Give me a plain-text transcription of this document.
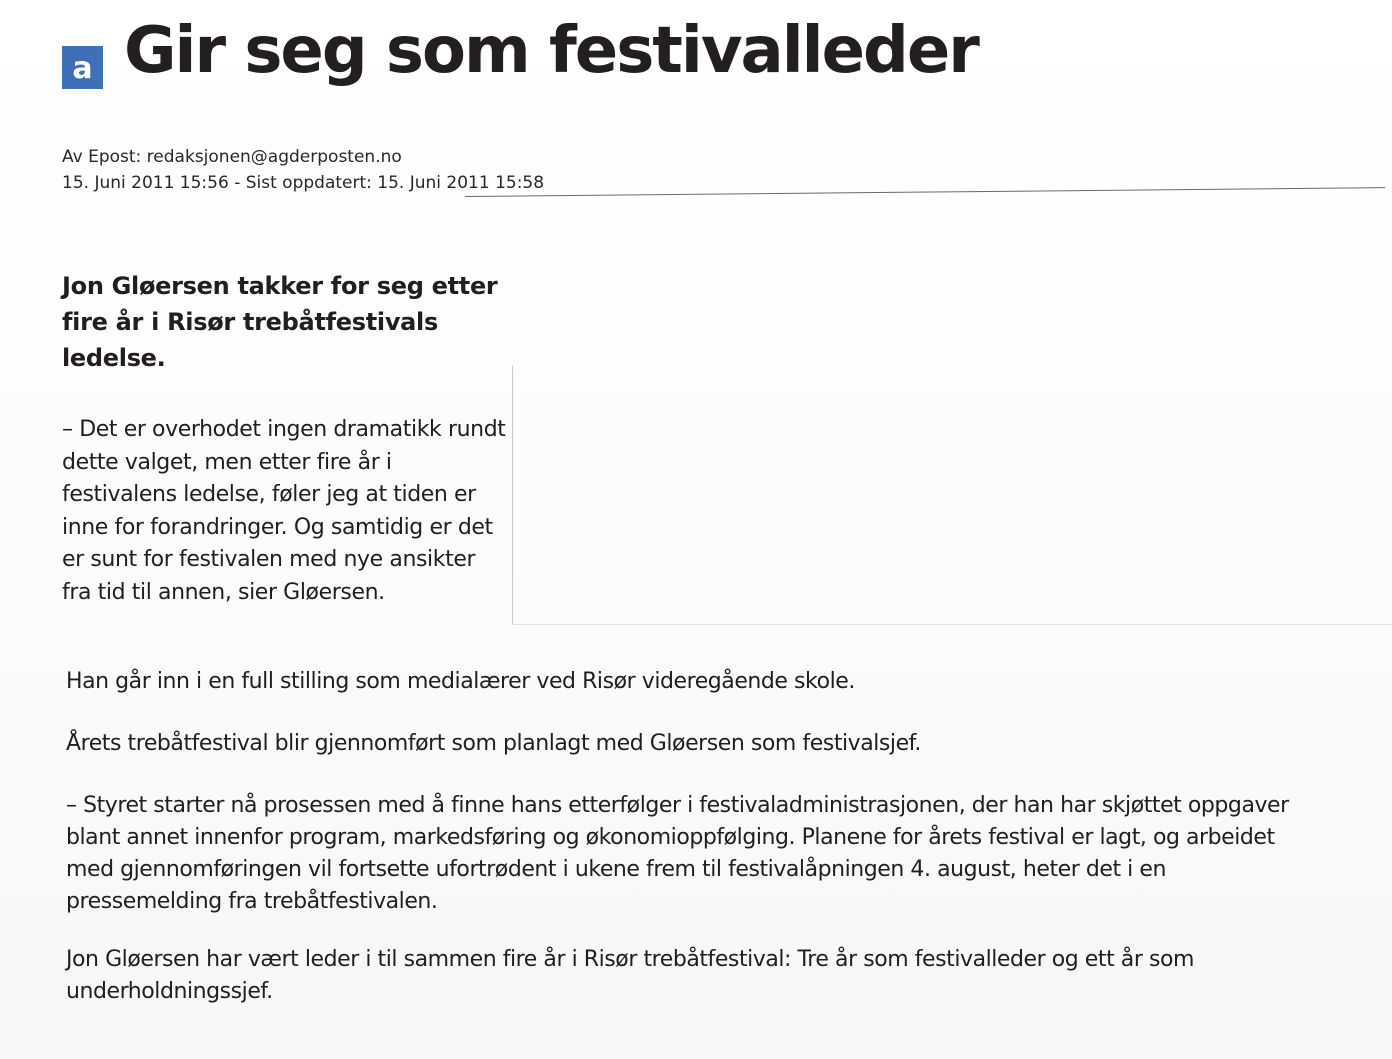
a Gir seg som festivalleder
Av Epost: redaksjonen@agderposten.no
15. Juni 2011 15:56 - Sist oppdatert: 15. Juni 2011 15:58

Jon Gløersen takker for seg etter fire år i Risør trebåtfestivals ledelse.

– Det er overhodet ingen dramatikk rundt dette valget, men etter fire år i festivalens ledelse, føler jeg at tiden er inne for forandringer. Og samtidig er det er sunt for festivalen med nye ansikter fra tid til annen, sier Gløersen.

Han går inn i en full stilling som medialærer ved Risør videregående skole.

Årets trebåtfestival blir gjennomført som planlagt med Gløersen som festivalsjef.

– Styret starter nå prosessen med å finne hans etterfølger i festivaladministrasjonen, der han har skjøttet oppgaver blant annet innenfor program, markedsføring og økonomioppfølging. Planene for årets festival er lagt, og arbeidet med gjennomføringen vil fortsette ufortrødent i ukene frem til festivalåpningen 4. august, heter det i en pressemelding fra trebåtfestivalen.

Jon Gløersen har vært leder i til sammen fire år i Risør trebåtfestival: Tre år som festivalleder og ett år som underholdningssjef.
